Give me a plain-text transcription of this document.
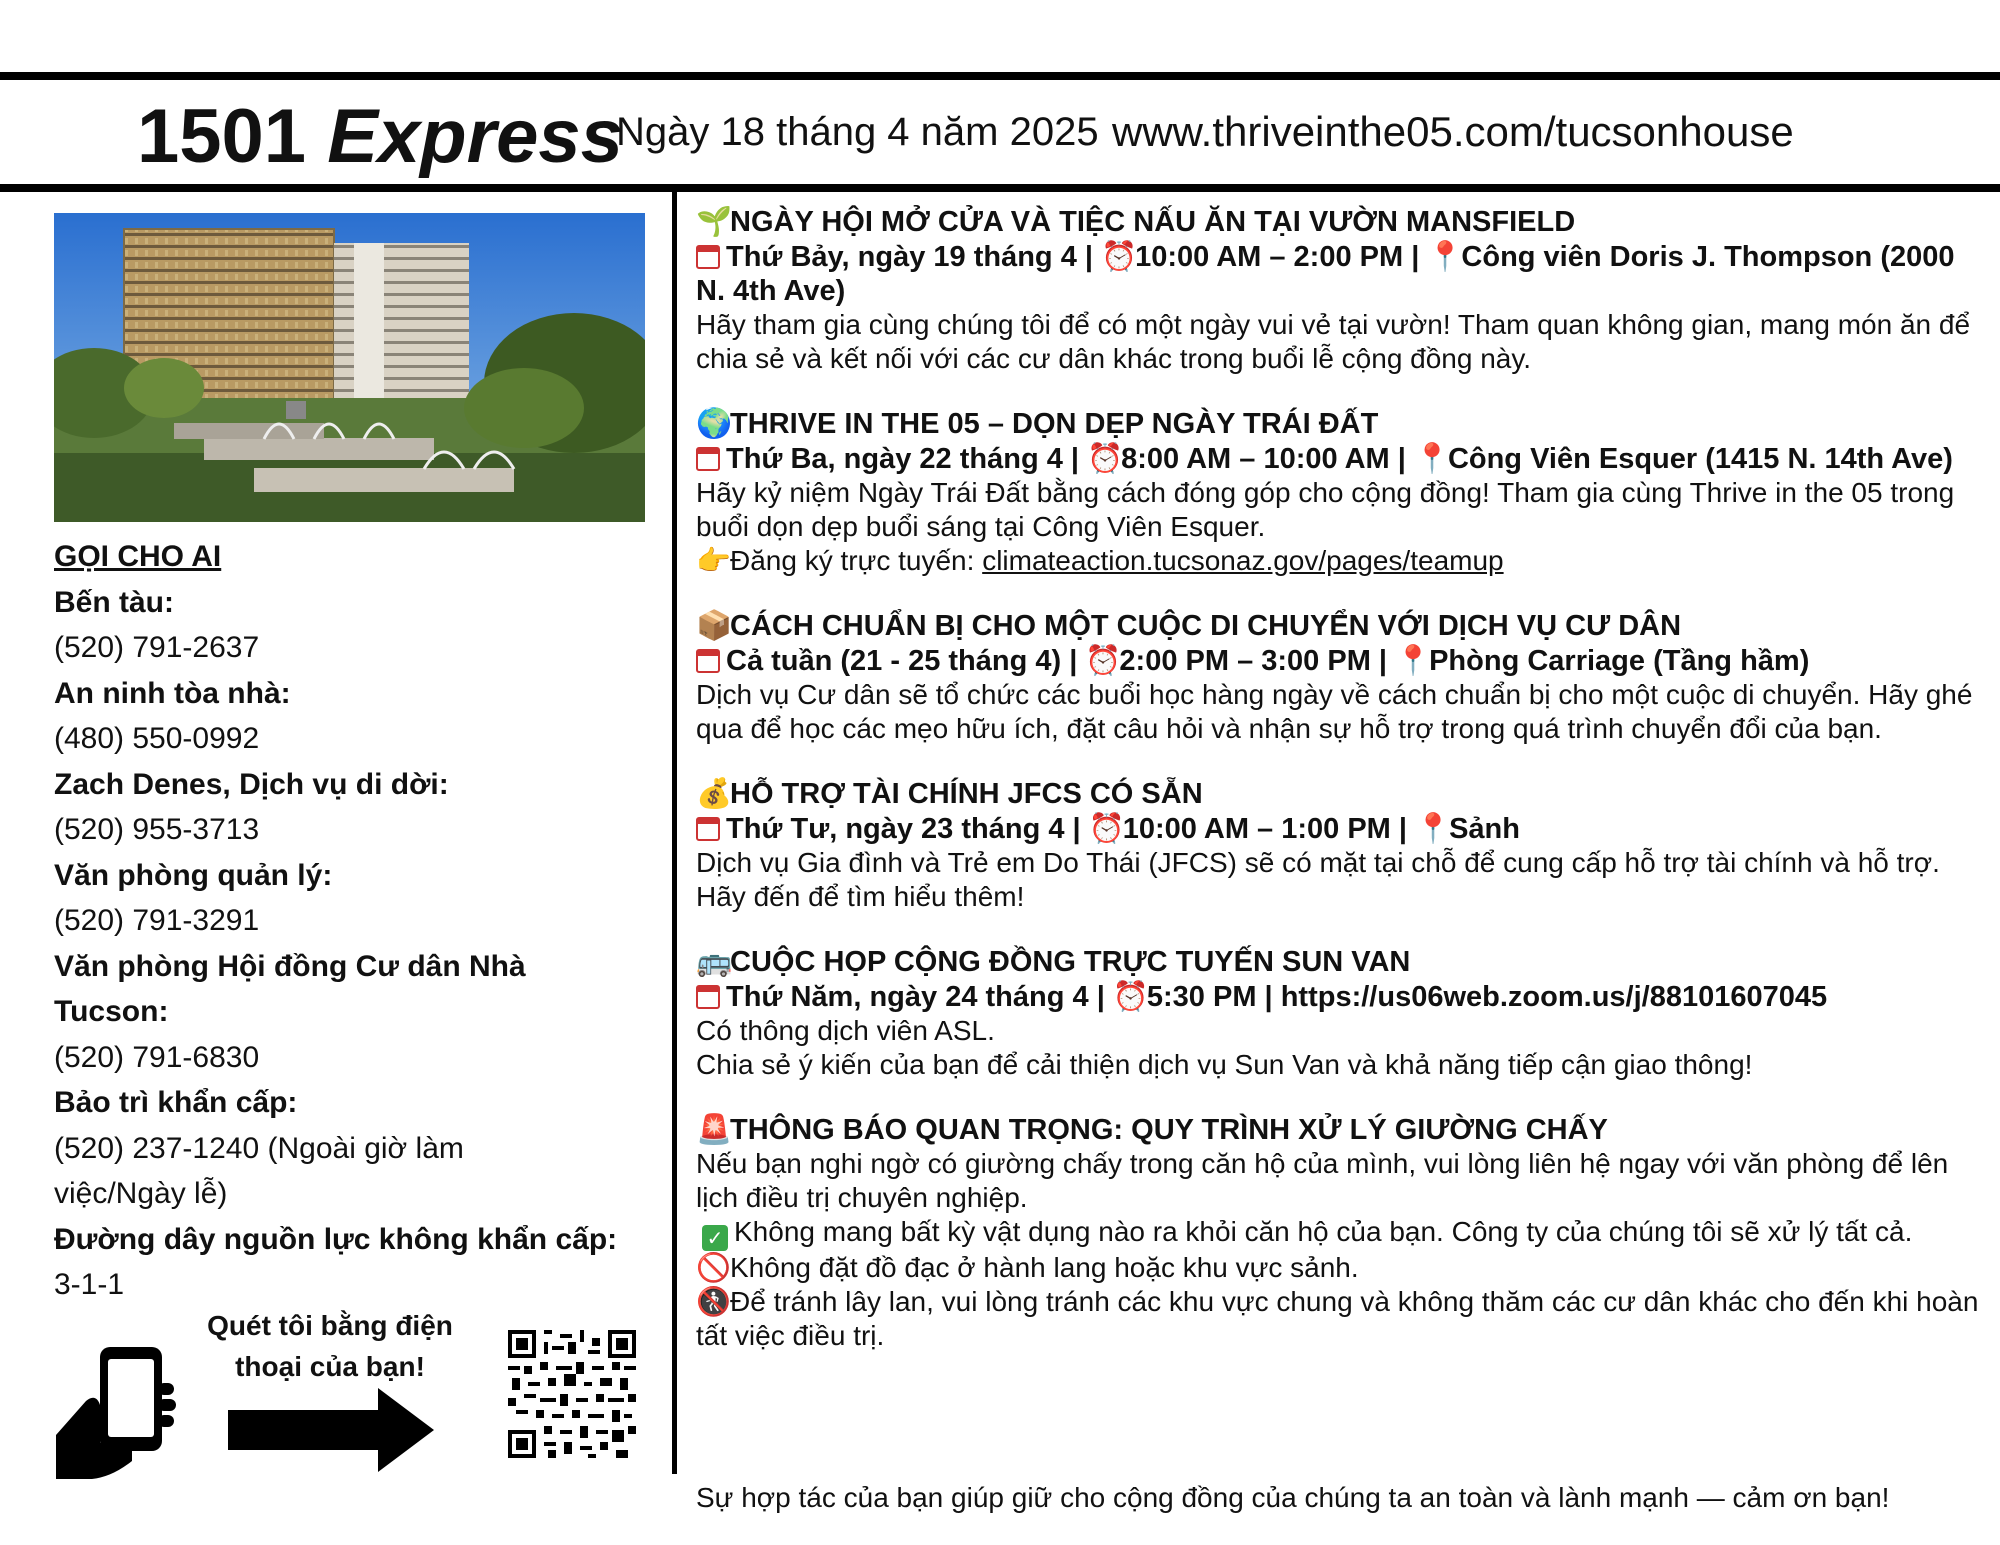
1501 Express
Ngày 18 tháng 4 năm 2025 www.thriveinthe05.com/tucsonhouse
GỌI CHO AI
Bến tàu:
(520) 791-2637
An ninh tòa nhà:
(480) 550-0992
Zach Denes, Dịch vụ di dời:
(520) 955-3713
Văn phòng quản lý:
(520) 791-3291
Văn phòng Hội đồng Cư dân Nhà Tucson:
(520) 791-6830
Bảo trì khẩn cấp:
(520) 237-1240 (Ngoài giờ làm việc/Ngày lễ)
Đường dây nguồn lực không khẩn cấp:
3-1-1
Quét tôi bằng điện thoại của bạn!
🌱NGÀY HỘI MỞ CỬA VÀ TIỆC NẤU ĂN TẠI VƯỜN MANSFIELD
Thứ Bảy, ngày 19 tháng 4 | ⏰10:00 AM – 2:00 PM | 📍Công viên Doris J. Thompson (2000 N. 4th Ave)
Hãy tham gia cùng chúng tôi để có một ngày vui vẻ tại vườn! Tham quan không gian, mang món ăn để chia sẻ và kết nối với các cư dân khác trong buổi lễ cộng đồng này.
🌍THRIVE IN THE 05 – DỌN DẸP NGÀY TRÁI ĐẤT
Thứ Ba, ngày 22 tháng 4 | ⏰8:00 AM – 10:00 AM | 📍Công Viên Esquer (1415 N. 14th Ave)
Hãy kỷ niệm Ngày Trái Đất bằng cách đóng góp cho cộng đồng! Tham gia cùng Thrive in the 05 trong buổi dọn dẹp buổi sáng tại Công Viên Esquer.
👉Đăng ký trực tuyến: climateaction.tucsonaz.gov/pages/teamup
📦CÁCH CHUẨN BỊ CHO MỘT CUỘC DI CHUYỂN VỚI DỊCH VỤ CƯ DÂN
Cả tuần (21 - 25 tháng 4) | ⏰2:00 PM – 3:00 PM | 📍Phòng Carriage (Tầng hầm)
Dịch vụ Cư dân sẽ tổ chức các buổi học hàng ngày về cách chuẩn bị cho một cuộc di chuyển. Hãy ghé qua để học các mẹo hữu ích, đặt câu hỏi và nhận sự hỗ trợ trong quá trình chuyển đổi của bạn.
💰HỖ TRỢ TÀI CHÍNH JFCS CÓ SẴN
Thứ Tư, ngày 23 tháng 4 | ⏰10:00 AM – 1:00 PM | 📍Sảnh
Dịch vụ Gia đình và Trẻ em Do Thái (JFCS) sẽ có mặt tại chỗ để cung cấp hỗ trợ tài chính và hỗ trợ. Hãy đến để tìm hiểu thêm!
🚌CUỘC HỌP CỘNG ĐỒNG TRỰC TUYẾN SUN VAN
Thứ Năm, ngày 24 tháng 4 | ⏰5:30 PM | https://us06web.zoom.us/j/88101607045
Có thông dịch viên ASL.
Chia sẻ ý kiến của bạn để cải thiện dịch vụ Sun Van và khả năng tiếp cận giao thông!
🚨THÔNG BÁO QUAN TRỌNG: QUY TRÌNH XỬ LÝ GIƯỜNG CHẤY
Nếu bạn nghi ngờ có giường chấy trong căn hộ của mình, vui lòng liên hệ ngay với văn phòng để lên lịch điều trị chuyên nghiệp.
✓ Không mang bất kỳ vật dụng nào ra khỏi căn hộ của bạn. Công ty của chúng tôi sẽ xử lý tất cả.
🚫Không đặt đồ đạc ở hành lang hoặc khu vực sảnh.
🚷Để tránh lây lan, vui lòng tránh các khu vực chung và không thăm các cư dân khác cho đến khi hoàn tất việc điều trị.
Sự hợp tác của bạn giúp giữ cho cộng đồng của chúng ta an toàn và lành mạnh — cảm ơn bạn!
